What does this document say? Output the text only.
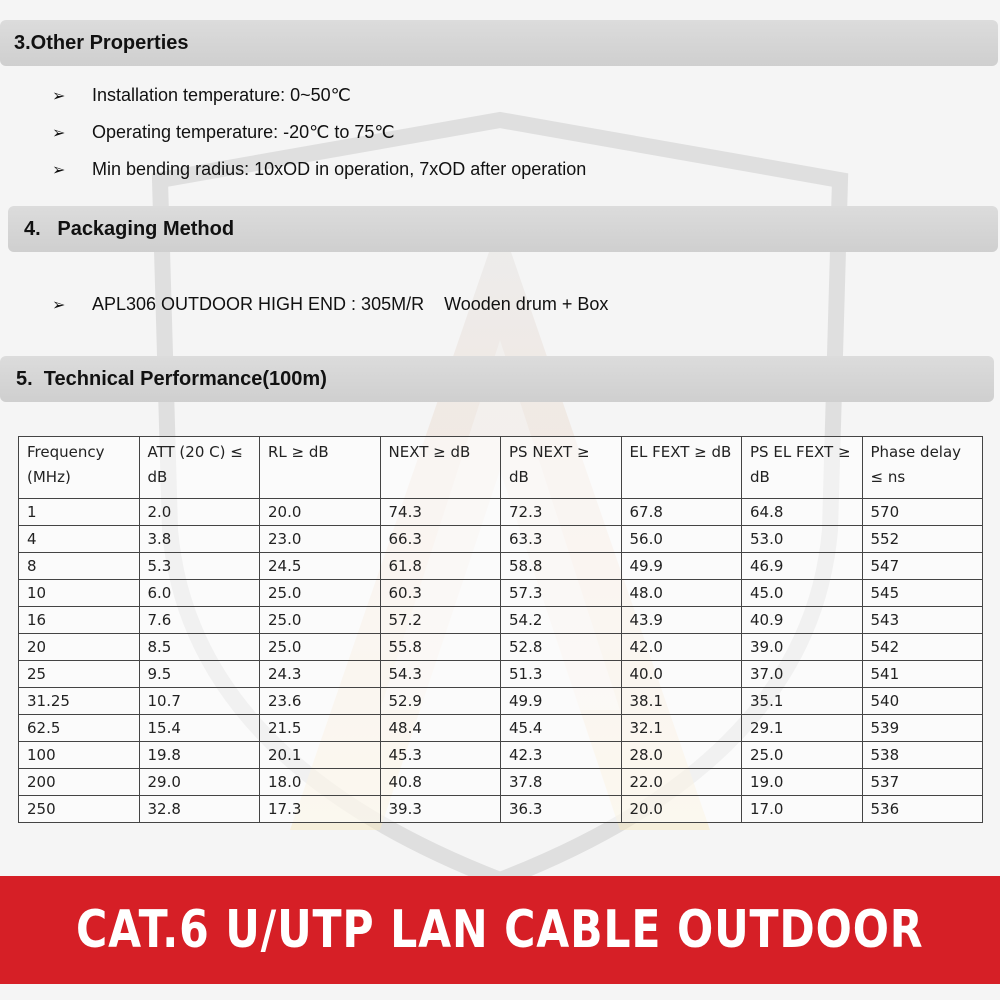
3.Other Properties
➢	Installation temperature: 0~50℃
➢	Operating temperature: -20℃ to 75℃
➢	Min bending radius: 10xOD in operation, 7xOD after operation
4.   Packaging Method
➢	APL306 OUTDOOR HIGH END : 305M/R    Wooden drum + Box
5.  Technical Performance(100m)
Frequency (MHz)	ATT (20 C) ≤ dB	RL ≥ dB	NEXT ≥ dB	PS NEXT ≥ dB	EL FEXT ≥ dB	PS EL FEXT ≥ dB	Phase delay ≤ ns
1	2.0	20.0	74.3	72.3	67.8	64.8	570
4	3.8	23.0	66.3	63.3	56.0	53.0	552
8	5.3	24.5	61.8	58.8	49.9	46.9	547
10	6.0	25.0	60.3	57.3	48.0	45.0	545
16	7.6	25.0	57.2	54.2	43.9	40.9	543
20	8.5	25.0	55.8	52.8	42.0	39.0	542
25	9.5	24.3	54.3	51.3	40.0	37.0	541
31.25	10.7	23.6	52.9	49.9	38.1	35.1	540
62.5	15.4	21.5	48.4	45.4	32.1	29.1	539
100	19.8	20.1	45.3	42.3	28.0	25.0	538
200	29.0	18.0	40.8	37.8	22.0	19.0	537
250	32.8	17.3	39.3	36.3	20.0	17.0	536
CAT.6 U/UTP LAN CABLE OUTDOOR
